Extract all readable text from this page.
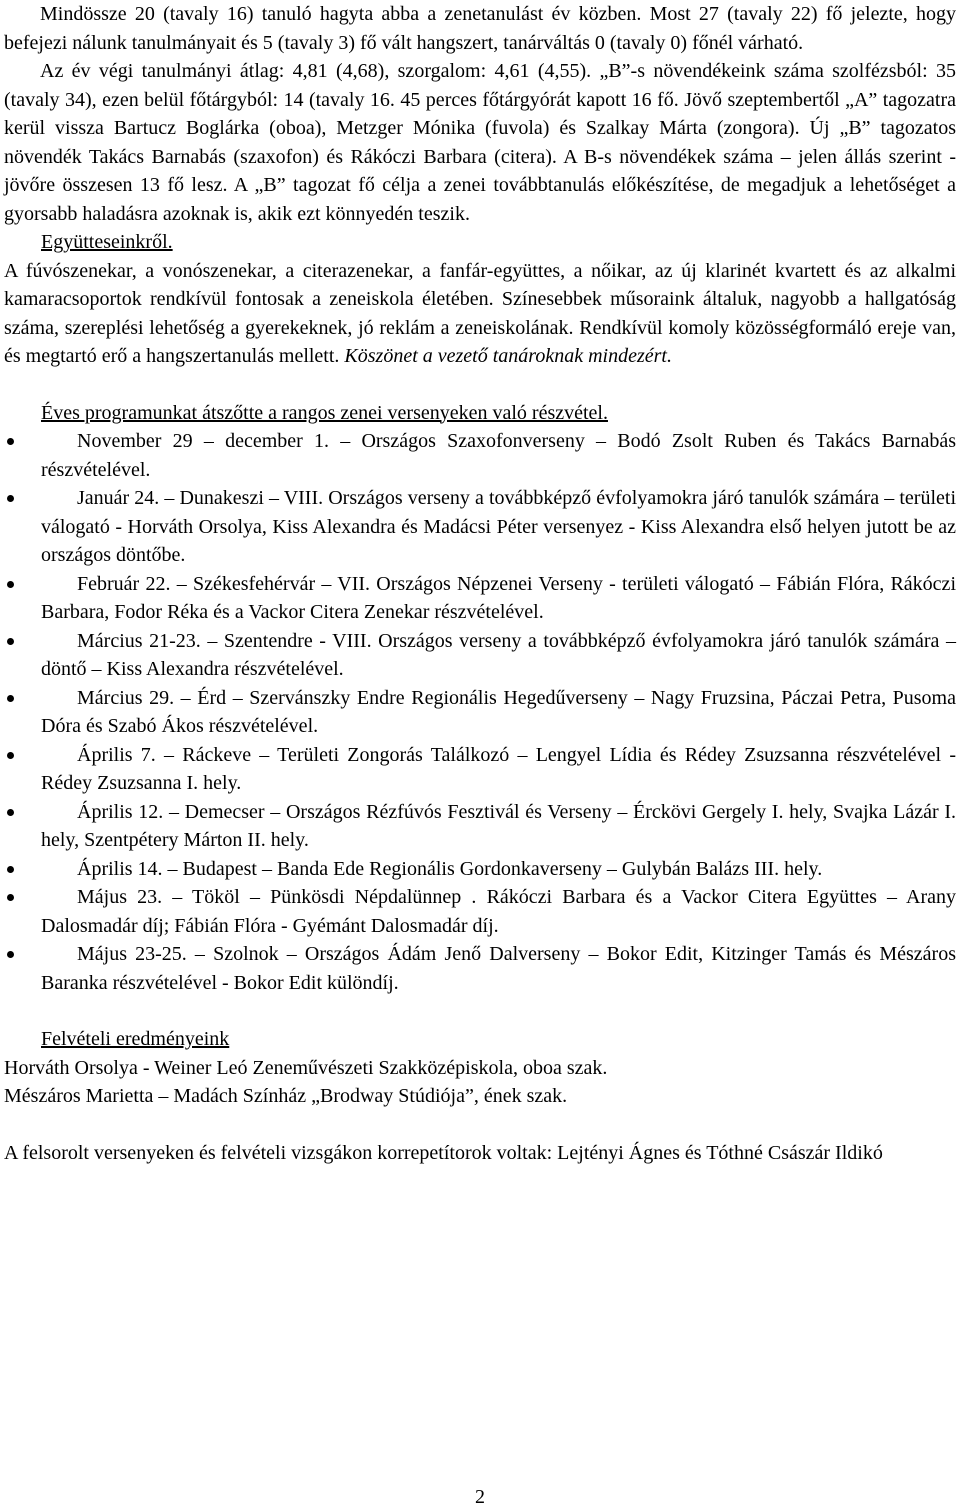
Mindössze 20 (tavaly 16) tanuló hagyta abba a zenetanulást év közben. Most 27 (tavaly 22) fő jelezte, hogy befejezi nálunk tanulmányait és 5 (tavaly 3) fő vált hangszert, tanárváltás 0 (tavaly 0) főnél várható.

Az év végi tanulmányi átlag: 4,81 (4,68), szorgalom: 4,61 (4,55). „B”-s növendékeink száma szolfézsból: 35 (tavaly 34), ezen belül főtárgyból: 14 (tavaly 16. 45 perces főtárgyórát kapott 16 fő. Jövő szeptembertől „A” tagozatra kerül vissza Bartucz Boglárka (oboa), Metzger Mónika (fuvola) és Szalkay Márta (zongora). Új „B” tagozatos növendék Takács Barnabás (szaxofon) és Rákóczi Barbara (citera). A B-s növendékek száma – jelen állás szerint - jövőre összesen 13 fő lesz. A „B” tagozat fő célja a zenei továbbtanulás előkészítése, de megadjuk a lehetőséget a gyorsabb haladásra azoknak is, akik ezt könnyedén teszik.

Együtteseinkről.

A fúvószenekar, a vonószenekar, a citerazenekar, a fanfár-együttes, a nőikar, az új klarinét kvartett és az alkalmi kamaracsoportok rendkívül fontosak a zeneiskola életében. Színesebbek műsoraink általuk, nagyobb a hallgatóság száma, szereplési lehetőség a gyerekeknek, jó reklám a zeneiskolának. Rendkívül komoly közösségformáló ereje van, és megtartó erő a hangszertanulás mellett. Köszönet a vezető tanároknak mindezért.

Éves programunkat átszőtte a rangos zenei versenyeken való részvétel.

November 29 – december 1. – Országos Szaxofonverseny – Bodó Zsolt Ruben és Takács Barnabás részvételével.
Január 24. – Dunakeszi – VIII. Országos verseny a továbbképző évfolyamokra járó tanulók számára – területi válogató - Horváth Orsolya, Kiss Alexandra és Madácsi Péter versenyez - Kiss Alexandra első helyen jutott be az országos döntőbe.
Február 22. – Székesfehérvár – VII. Országos Népzenei Verseny - területi válogató – Fábián Flóra, Rákóczi Barbara, Fodor Réka és a Vackor Citera Zenekar részvételével.
Március 21-23. – Szentendre - VIII. Országos verseny a továbbképző évfolyamokra járó tanulók számára – döntő – Kiss Alexandra részvételével.
Március 29. – Érd – Szervánszky Endre Regionális Hegedűverseny – Nagy Fruzsina, Páczai Petra, Pusoma Dóra és Szabó Ákos részvételével.
Április 7. – Ráckeve – Területi Zongorás Találkozó – Lengyel Lídia és Rédey Zsuzsanna részvételével - Rédey Zsuzsanna I. hely.
Április 12. – Demecser – Országos Rézfúvós Fesztivál és Verseny – Érckövi Gergely I. hely, Svajka Lázár I. hely, Szentpétery Márton II. hely.
Április 14. – Budapest – Banda Ede Regionális Gordonkaverseny – Gulybán Balázs III. hely.
Május 23. – Tököl – Pünkösdi Népdalünnep . Rákóczi Barbara és a Vackor Citera Együttes – Arany Dalosmadár díj; Fábián Flóra - Gyémánt Dalosmadár díj.
Május 23-25. – Szolnok – Országos Ádám Jenő Dalverseny – Bokor Edit, Kitzinger Tamás és Mészáros Baranka részvételével - Bokor Edit különdíj.

Felvételi eredményeink

Horváth Orsolya - Weiner Leó Zeneművészeti Szakközépiskola, oboa szak.

Mészáros Marietta – Madách Színház „Brodway Stúdiója”, ének szak.

A felsorolt versenyeken és felvételi vizsgákon korrepetítorok voltak: Lejtényi Ágnes és Tóthné Császár Ildikó

2
